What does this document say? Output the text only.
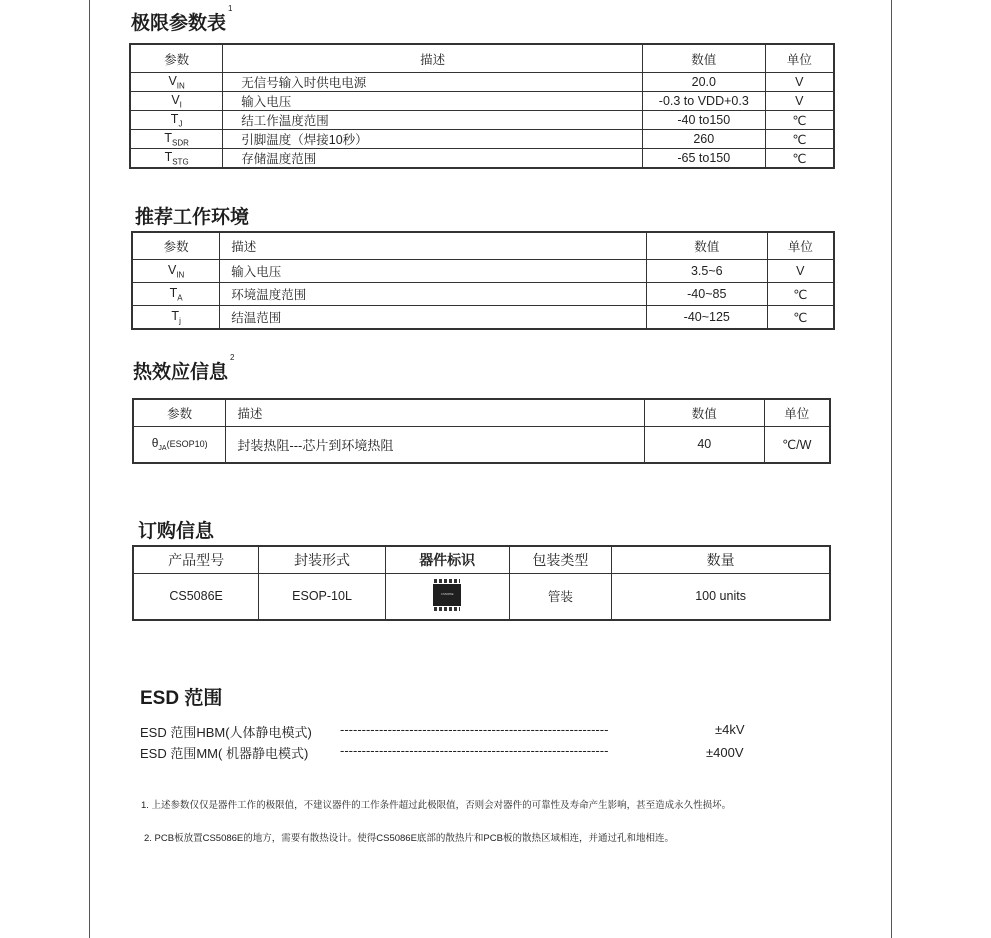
极限参数表$^1$
参数	描述	数值	单位
$V_{IN}$	无信号输入时供电电源	20.0	V
$V_I$	输入电压	-0.3 to VDD+0.3	V
$T_J$	结工作温度范围	-40 to150	℃
$T_{SDR}$	引脚温度（焊接10秒）	260	℃
$T_{STG}$	存储温度范围	-65 to150	℃
推荐工作环境
参数	描述	数值	单位
$V_{IN}$	输入电压	3.5~6	V
$T_A$	环境温度范围	-40~85	℃
$T_j$	结温范围	-40~125	℃
热效应信息$^2$
参数	描述	数值	单位
$\theta_{JA}(ESOP10)$	封装热阻---芯片到环境热阻	40	℃/W
订购信息
产品型号	封装形式	器件标识	包装类型	数量
CS5086E	ESOP-10L	CS5086E	管装	100 units
ESD 范围
ESD 范围HBM(人体静电模式) --------------------------------------------------------------	±4kV
ESD 范围MM( 机器静电模式) --------------------------------------------------------------	±400V
1. 上述参数仅仅是器件工作的极限值，不建议器件的工作条件超过此极限值，否则会对器件的可靠性及寿命产生影响，甚至造成永久性损坏。
2. PCB板放置CS5086E的地方，需要有散热设计。使得CS5086E底部的散热片和PCB板的散热区域相连，并通过孔和地相连。
